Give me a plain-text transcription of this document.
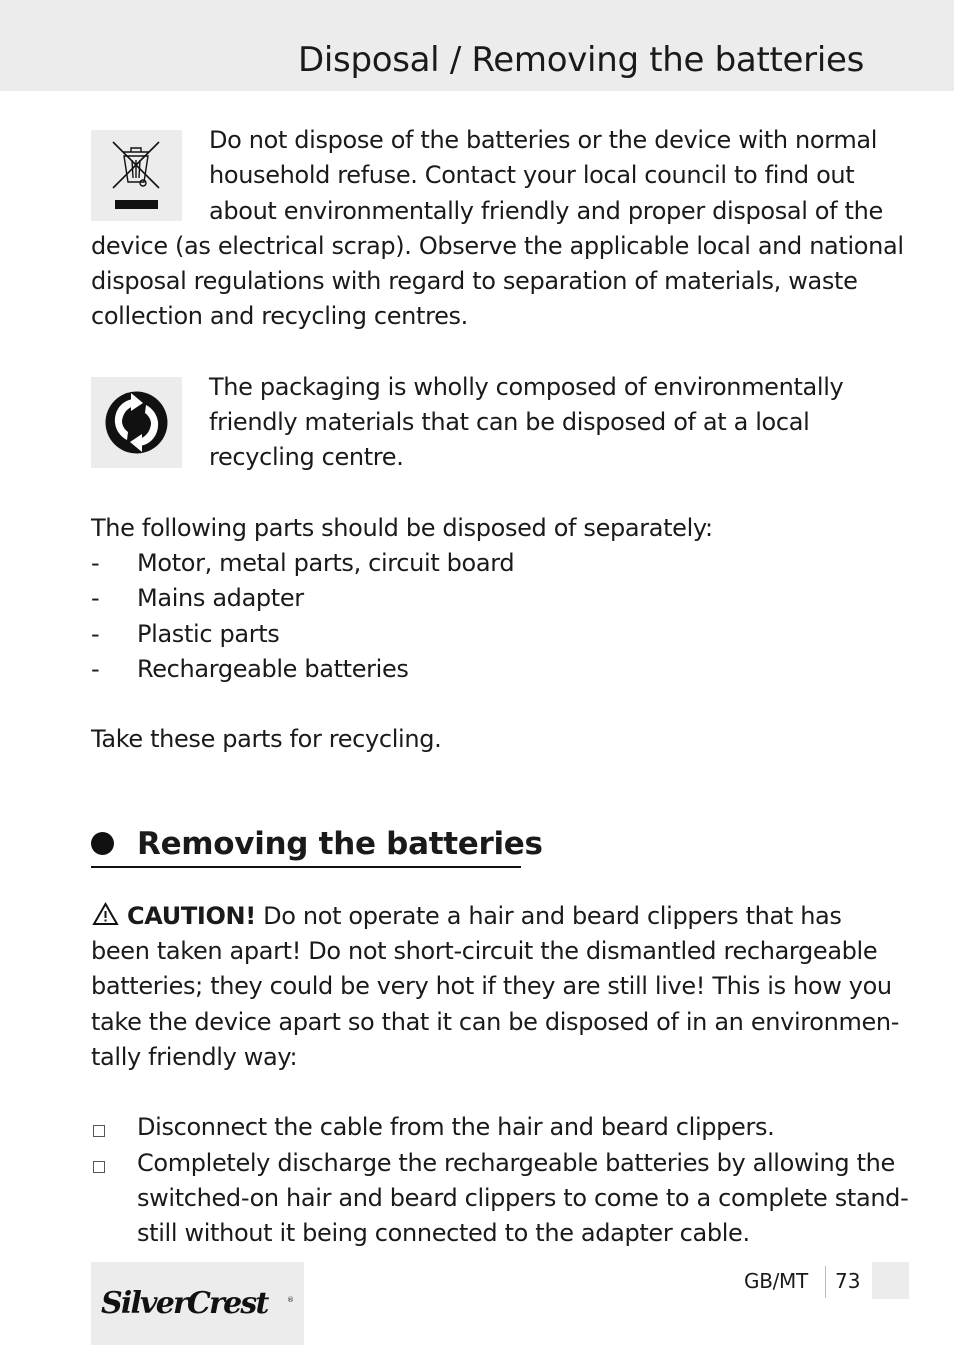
Disposal / Removing the batteries
Do not dispose of the batteries or the device with normal
household refuse. Contact your local council to find out
about environmentally friendly and proper disposal of the
device (as electrical scrap). Observe the applicable local and national
disposal regulations with regard to separation of materials, waste
collection and recycling centres.
The packaging is wholly composed of environmentally
friendly materials that can be disposed of at a local
recycling centre.
The following parts should be disposed of separately:
- Motor, metal parts, circuit board
- Mains adapter
- Plastic parts
- Rechargeable batteries
Take these parts for recycling.
Removing the batteries
CAUTION! Do not operate a hair and beard clippers that has
been taken apart! Do not short-circuit the dismantled rechargeable
batteries; they could be very hot if they are still live! This is how you
take the device apart so that it can be disposed of in an environmen-
tally friendly way:
Disconnect the cable from the hair and beard clippers.
Completely discharge the rechargeable batteries by allowing the
switched-on hair and beard clippers to come to a complete stand-
still without it being connected to the adapter cable.
SilverCrest	®
GB/MT 73
